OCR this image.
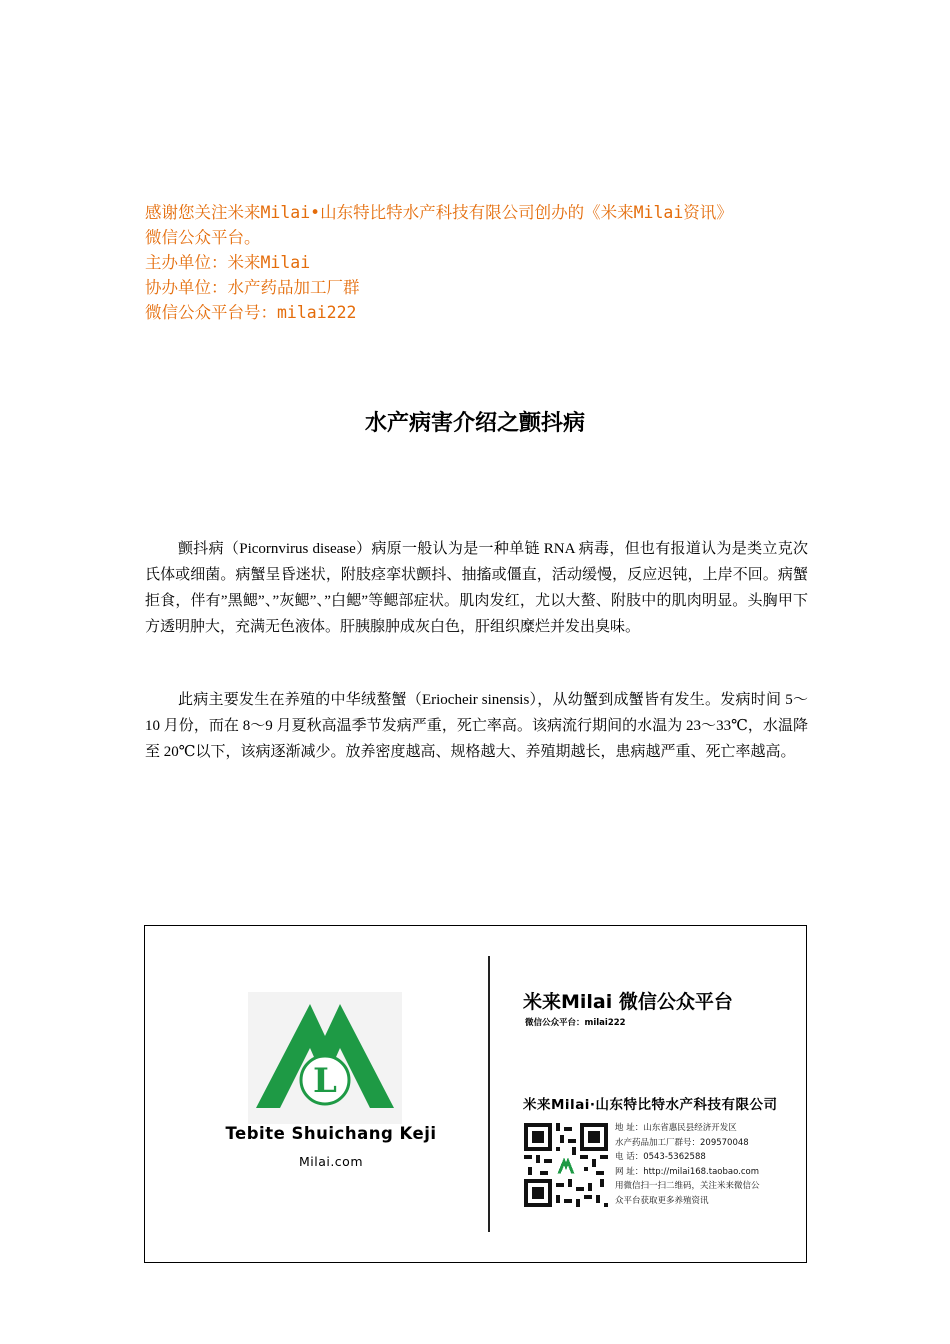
感谢您关注米来Milai•山东特比特水产科技有限公司创办的《米来Milai资讯》
微信公众平台。
主办单位：米来Milai
协办单位：水产药品加工厂群
微信公众平台号：milai222
水产病害介绍之颤抖病

颤抖病（Picornvirus disease）病原一般认为是一种单链 RNA 病毒，但也有报道认为是类立克次氏体或细菌。病蟹呈昏迷状，附肢痉挛状颤抖、抽搐或僵直，活动缓慢，反应迟钝，上岸不回。病蟹拒食，伴有”黑鳃”、”灰鳃”、”白鳃”等鳃部症状。肌肉发红，尤以大螯、附肢中的肌肉明显。头胸甲下方透明肿大，充满无色液体。肝胰腺肿成灰白色，肝组织糜烂并发出臭味。

此病主要发生在养殖的中华绒螯蟹（Eriocheir sinensis），从幼蟹到成蟹皆有发生。发病时间 5～10 月份，而在 8～9 月夏秋高温季节发病严重，死亡率高。该病流行期间的水温为 23～33℃，水温降至 20℃以下，该病逐渐减少。放养密度越高、规格越大、养殖期越长，患病越严重、死亡率越高。

L
Tebite Shuichang Keji
Milai.com
米来Milai 微信公众平台
微信公众平台：milai222
米来Milai·山东特比特水产科技有限公司
地 址：山东省惠民县经济开发区
水产药品加工厂群号：209570048
电 话：0543-5362588
网 址：http://milai168.taobao.com
用微信扫一扫二维码，关注米来微信公
众平台获取更多养殖资讯
